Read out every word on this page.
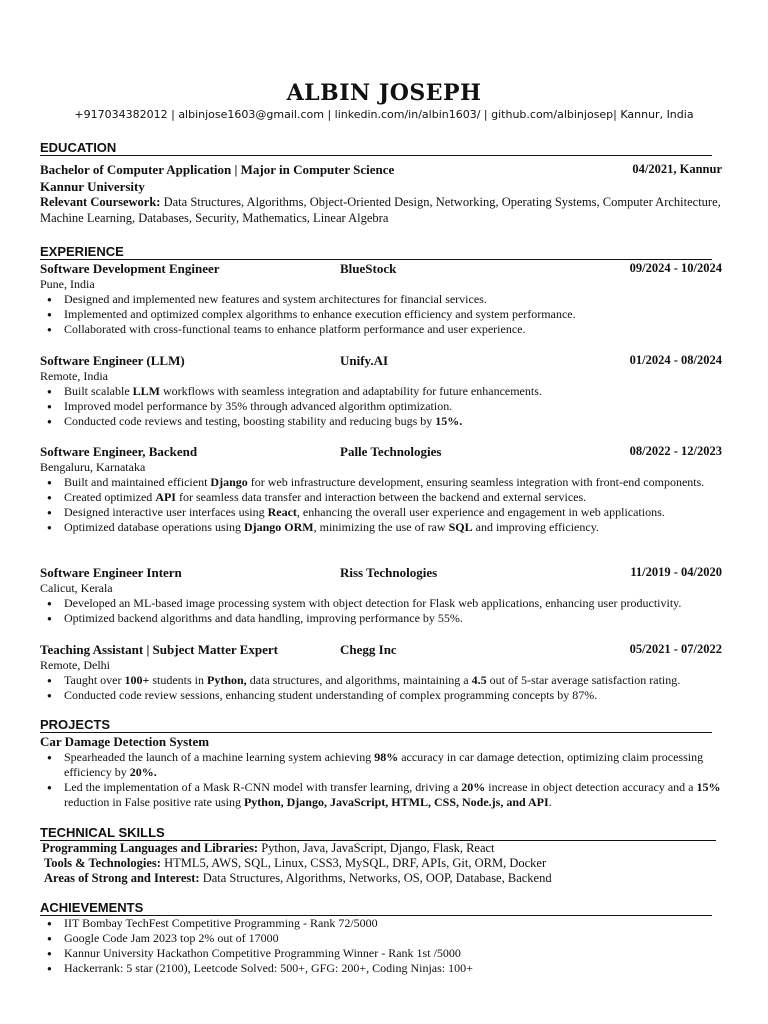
ALBIN JOSEPH
+917034382012 | albinjose1603@gmail.com | linkedin.com/in/albin1603/ | github.com/albinjosep| Kannur, India
EDUCATION
Bachelor of Computer Application | Major in Computer Science	04/2021, Kannur
Kannur University
Relevant Coursework: Data Structures, Algorithms, Object-Oriented Design, Networking, Operating Systems, Computer Architecture,
Machine Learning, Databases, Security, Mathematics, Linear Algebra
EXPERIENCE
Software Development Engineer	BlueStock	09/2024 - 10/2024
Pune, India
● Designed and implemented new features and system architectures for financial services.
● Implemented and optimized complex algorithms to enhance execution efficiency and system performance.
● Collaborated with cross-functional teams to enhance platform performance and user experience.
Software Engineer (LLM)	Unify.AI	01/2024 - 08/2024
Remote, India
● Built scalable LLM workflows with seamless integration and adaptability for future enhancements.
● Improved model performance by 35% through advanced algorithm optimization.
● Conducted code reviews and testing, boosting stability and reducing bugs by 15%.
Software Engineer, Backend	Palle Technologies	08/2022 - 12/2023
Bengaluru, Karnataka
● Built and maintained efficient Django for web infrastructure development, ensuring seamless integration with front-end components.
● Created optimized API for seamless data transfer and interaction between the backend and external services.
● Designed interactive user interfaces using React, enhancing the overall user experience and engagement in web applications.
● Optimized database operations using Django ORM, minimizing the use of raw SQL and improving efficiency.
Software Engineer Intern	Riss Technologies	11/2019 - 04/2020
Calicut, Kerala
● Developed an ML-based image processing system with object detection for Flask web applications, enhancing user productivity.
● Optimized backend algorithms and data handling, improving performance by 55%.
Teaching Assistant | Subject Matter Expert	Chegg Inc	05/2021 - 07/2022
Remote, Delhi
● Taught over 100+ students in Python, data structures, and algorithms, maintaining a 4.5 out of 5-star average satisfaction rating.
● Conducted code review sessions, enhancing student understanding of complex programming concepts by 87%.
PROJECTS
Car Damage Detection System
● Spearheaded the launch of a machine learning system achieving 98% accuracy in car damage detection, optimizing claim processing efficiency by 20%.
● Led the implementation of a Mask R-CNN model with transfer learning, driving a 20% increase in object detection accuracy and a 15% reduction in False positive rate using Python, Django, JavaScript, HTML, CSS, Node.js, and API.
TECHNICAL SKILLS
Programming Languages and Libraries: Python, Java, JavaScript, Django, Flask, React
Tools & Technologies: HTML5, AWS, SQL, Linux, CSS3, MySQL, DRF, APIs, Git, ORM, Docker
Areas of Strong and Interest: Data Structures, Algorithms, Networks, OS, OOP, Database, Backend
ACHIEVEMENTS
● IIT Bombay TechFest Competitive Programming - Rank 72/5000
● Google Code Jam 2023 top 2% out of 17000
● Kannur University Hackathon Competitive Programming Winner - Rank 1st /5000
● Hackerrank: 5 star (2100), Leetcode Solved: 500+, GFG: 200+, Coding Ninjas: 100+
